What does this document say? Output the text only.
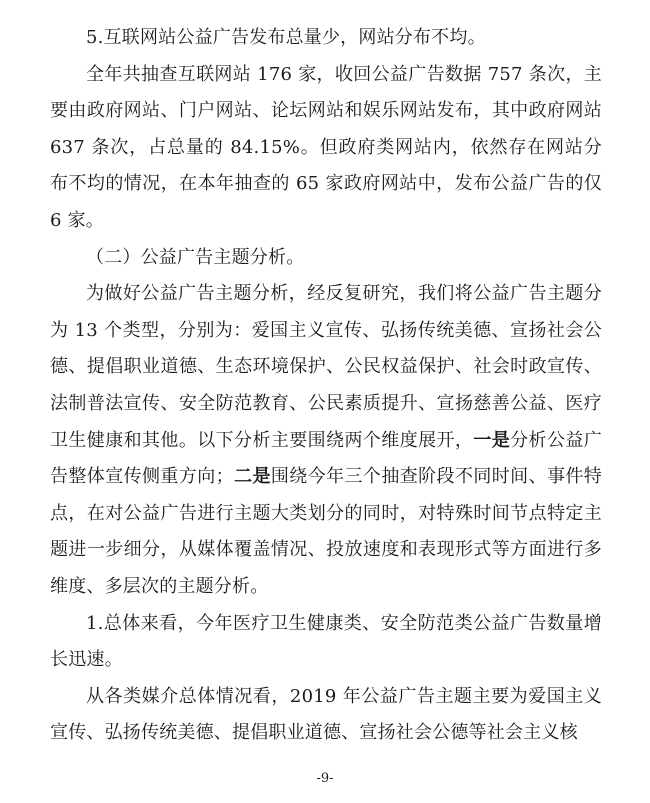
5.互联网站公益广告发布总量少，网站分布不均。

全年共抽查互联网站 176 家，收回公益广告数据 757 条次，主要由政府网站、门户网站、论坛网站和娱乐网站发布，其中政府网站 637 条次，占总量的 84.15%。但政府类网站内，依然存在网站分布不均的情况，在本年抽查的 65 家政府网站中，发布公益广告的仅 6 家。

（二）公益广告主题分析。

为做好公益广告主题分析，经反复研究，我们将公益广告主题分为 13 个类型，分别为：爱国主义宣传、弘扬传统美德、宣扬社会公德、提倡职业道德、生态环境保护、公民权益保护、社会时政宣传、法制普法宣传、安全防范教育、公民素质提升、宣扬慈善公益、医疗卫生健康和其他。以下分析主要围绕两个维度展开，一是分析公益广告整体宣传侧重方向；二是围绕今年三个抽查阶段不同时间、事件特点，在对公益广告进行主题大类划分的同时，对特殊时间节点特定主题进一步细分，从媒体覆盖情况、投放速度和表现形式等方面进行多维度、多层次的主题分析。

1.总体来看，今年医疗卫生健康类、安全防范类公益广告数量增长迅速。

从各类媒介总体情况看，2019 年公益广告主题主要为爱国主义宣传、弘扬传统美德、提倡职业道德、宣扬社会公德等社会主义核

-9-
